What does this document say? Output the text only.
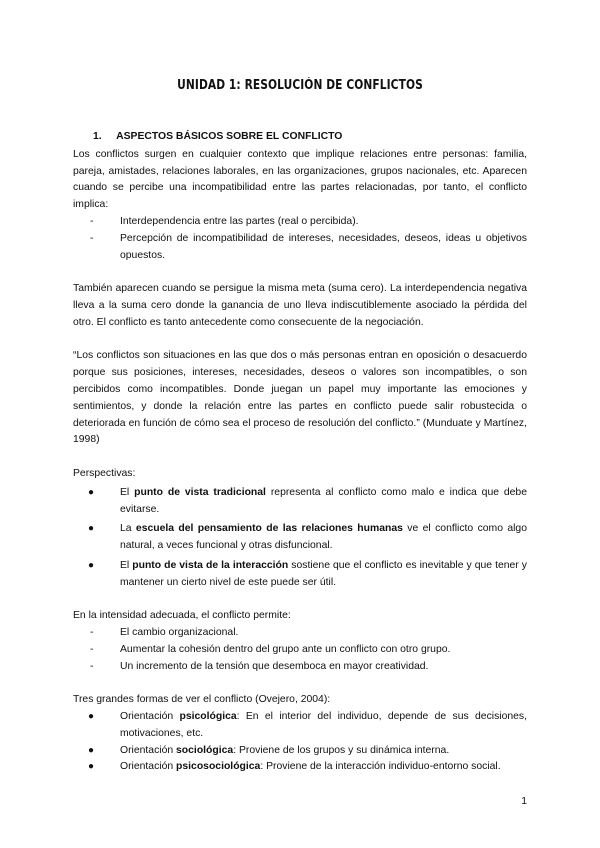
UNIDAD 1: RESOLUCIÓN DE CONFLICTOS
1. ASPECTOS BÁSICOS SOBRE EL CONFLICTO

Los conflictos surgen en cualquier contexto que implique relaciones entre personas: familia, pareja, amistades, relaciones laborales, en las organizaciones, grupos nacionales, etc. Aparecen cuando se percibe una incompatibilidad entre las partes relacionadas, por tanto, el conflicto implica:

-	Interdependencia entre las partes (real o percibida).
-	Percepción de incompatibilidad de intereses, necesidades, deseos, ideas u objetivos opuestos.

También aparecen cuando se persigue la misma meta (suma cero). La interdependencia negativa lleva a la suma cero donde la ganancia de uno lleva indiscutiblemente asociado la pérdida del otro. El conflicto es tanto antecedente como consecuente de la negociación.

“Los conflictos son situaciones en las que dos o más personas entran en oposición o desacuerdo porque sus posiciones, intereses, necesidades, deseos o valores son incompatibles, o son percibidos como incompatibles. Donde juegan un papel muy importante las emociones y sentimientos, y donde la relación entre las partes en conflicto puede salir robustecida o deteriorada en función de cómo sea el proceso de resolución del conflicto.” (Munduate y Martínez, 1998)

Perspectivas:

● El punto de vista tradicional representa al conflicto como malo e indica que debe evitarse.
● La escuela del pensamiento de las relaciones humanas ve el conflicto como algo natural, a veces funcional y otras disfuncional.
● El punto de vista de la interacción sostiene que el conflicto es inevitable y que tener y mantener un cierto nivel de este puede ser útil.

En la intensidad adecuada, el conflicto permite:

-	El cambio organizacional.
-	Aumentar la cohesión dentro del grupo ante un conflicto con otro grupo.
-	Un incremento de la tensión que desemboca en mayor creatividad.

Tres grandes formas de ver el conflicto (Ovejero, 2004):

● Orientación psicológica: En el interior del individuo, depende de sus decisiones, motivaciones, etc.
● Orientación sociológica: Proviene de los grupos y su dinámica interna.
● Orientación psicosociológica: Proviene de la interacción individuo-entorno social.
1
